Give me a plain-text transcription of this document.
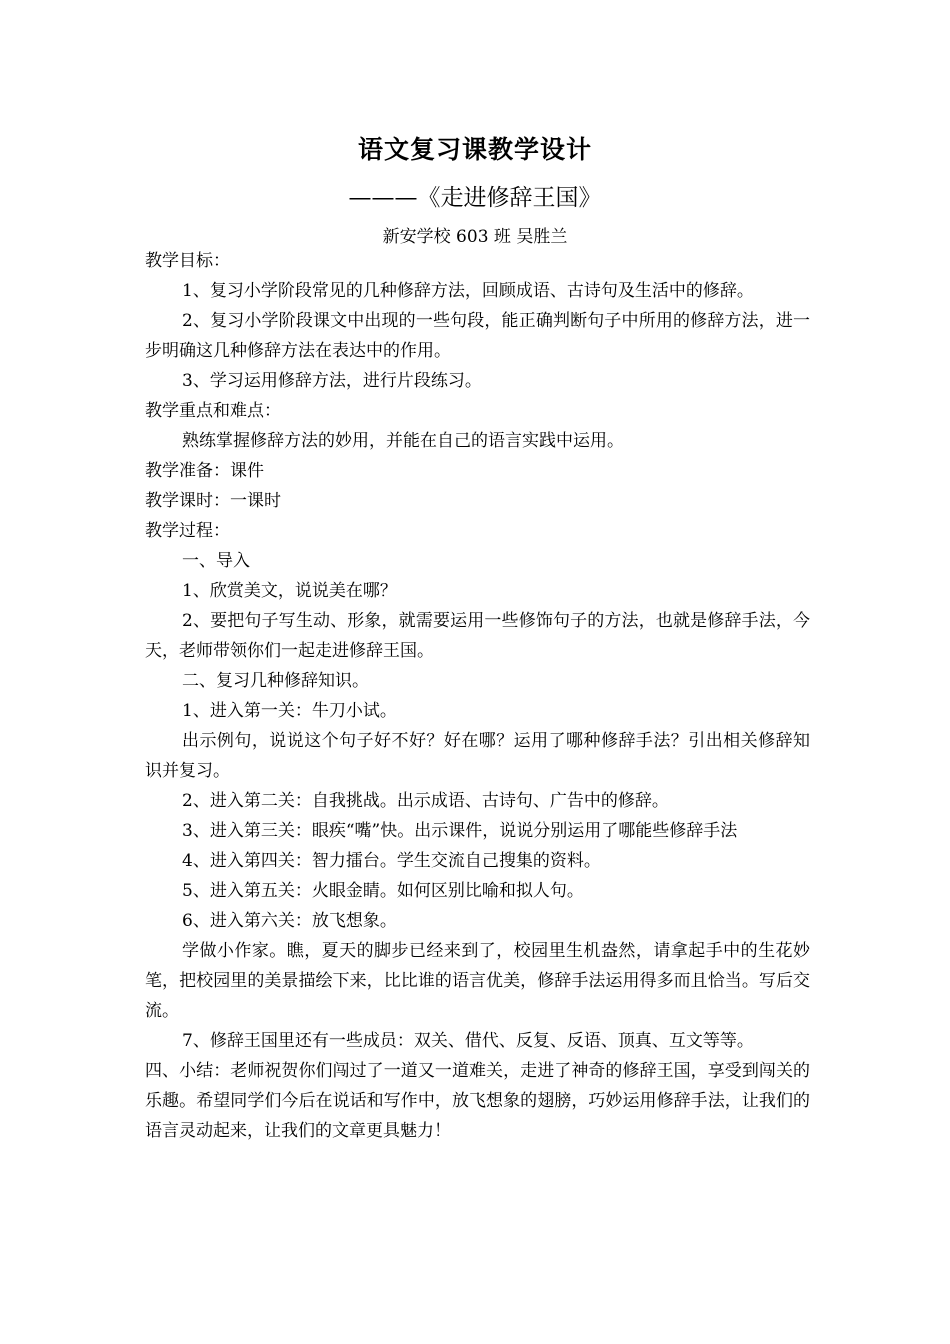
语文复习课教学设计
———《走进修辞王国》
新安学校 603 班 吴胜兰

教学目标：

1、复习小学阶段常见的几种修辞方法，回顾成语、古诗句及生活中的修辞。

2、复习小学阶段课文中出现的一些句段，能正确判断句子中所用的修辞方法，进一步明确这几种修辞方法在表达中的作用。

3、学习运用修辞方法，进行片段练习。

教学重点和难点：

熟练掌握修辞方法的妙用，并能在自己的语言实践中运用。

教学准备：课件

教学课时：一课时

教学过程：

一、导入

1、欣赏美文，说说美在哪？

2、要把句子写生动、形象，就需要运用一些修饰句子的方法，也就是修辞手法，今天，老师带领你们一起走进修辞王国。

二、复习几种修辞知识。

1、进入第一关：牛刀小试。

出示例句，说说这个句子好不好？好在哪？运用了哪种修辞手法？引出相关修辞知识并复习。

2、进入第二关：自我挑战。出示成语、古诗句、广告中的修辞。

3、进入第三关：眼疾“嘴”快。出示课件，说说分别运用了哪能些修辞手法

4、进入第四关：智力擂台。学生交流自己搜集的资料。

5、进入第五关：火眼金睛。如何区别比喻和拟人句。

6、进入第六关：放飞想象。

学做小作家。瞧，夏天的脚步已经来到了，校园里生机盎然，请拿起手中的生花妙笔，把校园里的美景描绘下来，比比谁的语言优美，修辞手法运用得多而且恰当。写后交流。

7、修辞王国里还有一些成员：双关、借代、反复、反语、顶真、互文等等。

四、小结：老师祝贺你们闯过了一道又一道难关，走进了神奇的修辞王国，享受到闯关的乐趣。希望同学们今后在说话和写作中，放飞想象的翅膀，巧妙运用修辞手法，让我们的语言灵动起来，让我们的文章更具魅力！
